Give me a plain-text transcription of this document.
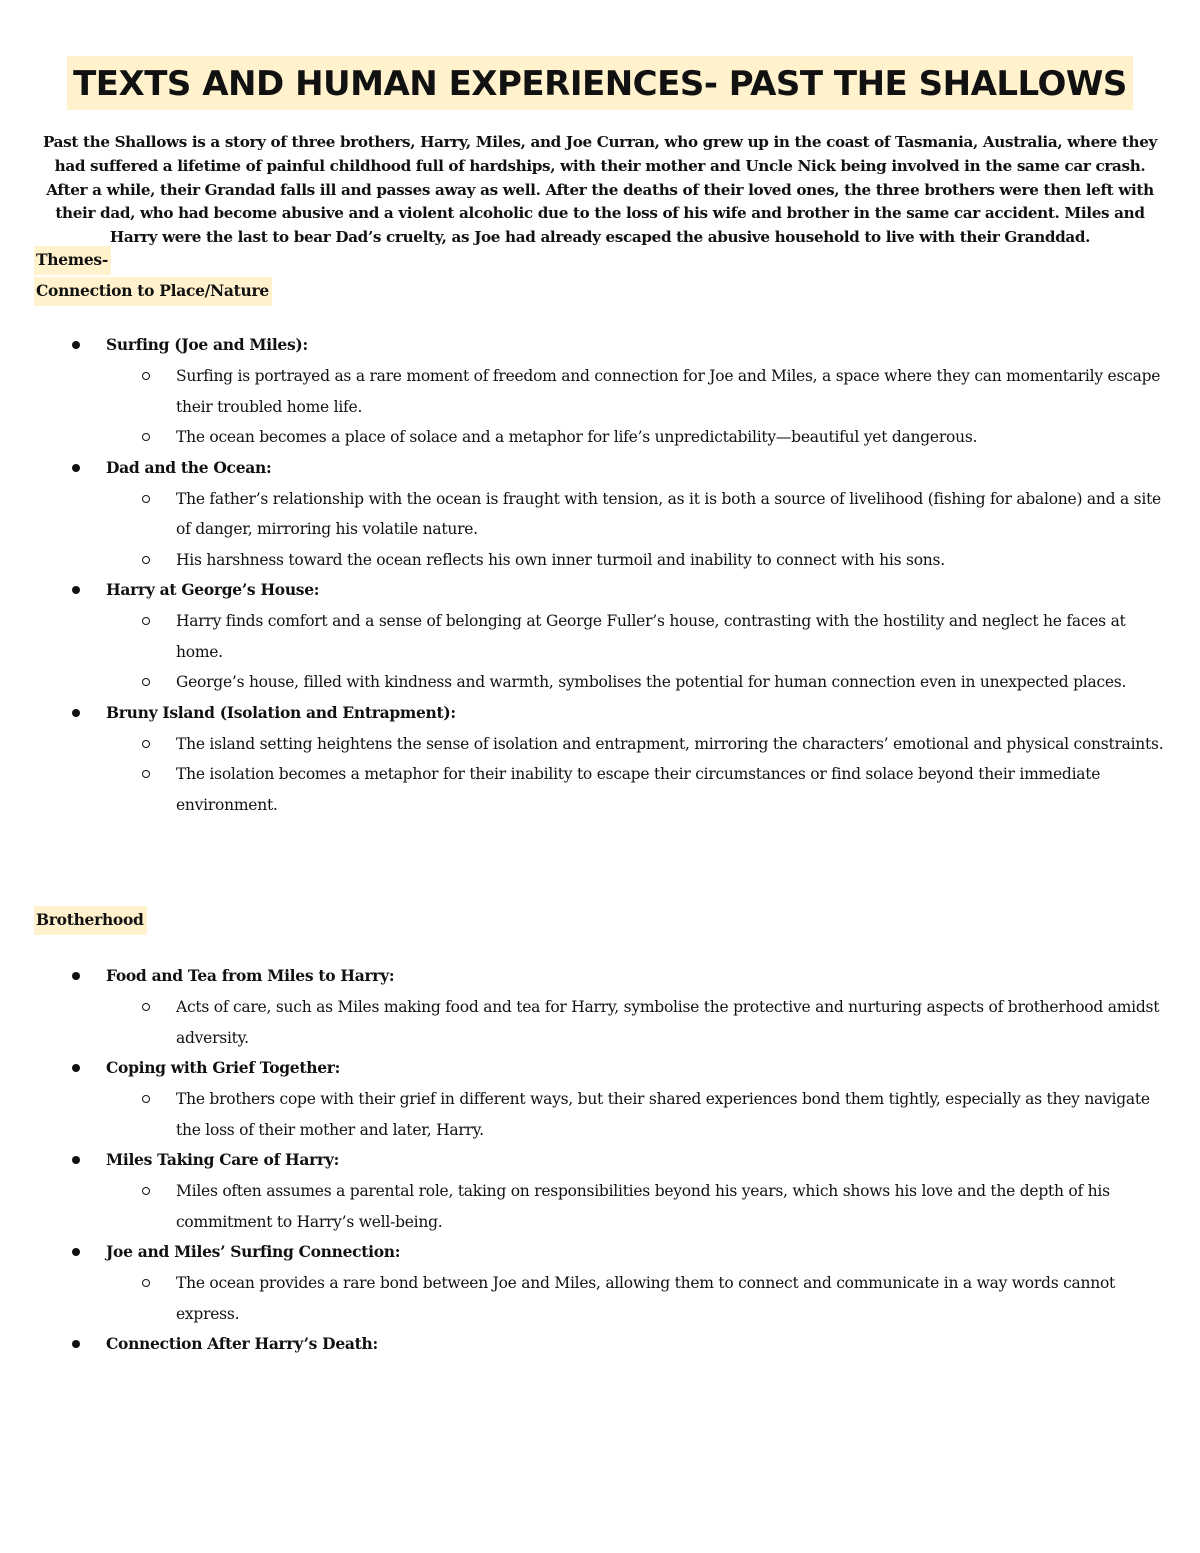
TEXTS AND HUMAN EXPERIENCES- PAST THE SHALLOWS
Past the Shallows is a story of three brothers, Harry, Miles, and Joe Curran, who grew up in the coast of Tasmania, Australia, where they had suffered a lifetime of painful childhood full of hardships, with their mother and Uncle Nick being involved in the same car crash. After a while, their Grandad falls ill and passes away as well. After the deaths of their loved ones, the three brothers were then left with their dad, who had become abusive and a violent alcoholic due to the loss of his wife and brother in the same car accident. Miles and Harry were the last to bear Dad’s cruelty, as Joe had already escaped the abusive household to live with their Granddad.
Themes-
Connection to Place/Nature
Surfing (Joe and Miles):
Surfing is portrayed as a rare moment of freedom and connection for Joe and Miles, a space where they can momentarily escape their troubled home life.
The ocean becomes a place of solace and a metaphor for life’s unpredictability—beautiful yet dangerous.
Dad and the Ocean:
The father’s relationship with the ocean is fraught with tension, as it is both a source of livelihood (fishing for abalone) and a site of danger, mirroring his volatile nature.
His harshness toward the ocean reflects his own inner turmoil and inability to connect with his sons.
Harry at George’s House:
Harry finds comfort and a sense of belonging at George Fuller’s house, contrasting with the hostility and neglect he faces at home.
George’s house, filled with kindness and warmth, symbolises the potential for human connection even in unexpected places.
Bruny Island (Isolation and Entrapment):
The island setting heightens the sense of isolation and entrapment, mirroring the characters’ emotional and physical constraints.
The isolation becomes a metaphor for their inability to escape their circumstances or find solace beyond their immediate environment.
Brotherhood
Food and Tea from Miles to Harry:
Acts of care, such as Miles making food and tea for Harry, symbolise the protective and nurturing aspects of brotherhood amidst adversity.
Coping with Grief Together:
The brothers cope with their grief in different ways, but their shared experiences bond them tightly, especially as they navigate the loss of their mother and later, Harry.
Miles Taking Care of Harry:
Miles often assumes a parental role, taking on responsibilities beyond his years, which shows his love and the depth of his commitment to Harry’s well-being.
Joe and Miles’ Surfing Connection:
The ocean provides a rare bond between Joe and Miles, allowing them to connect and communicate in a way words cannot express.
Connection After Harry’s Death:
